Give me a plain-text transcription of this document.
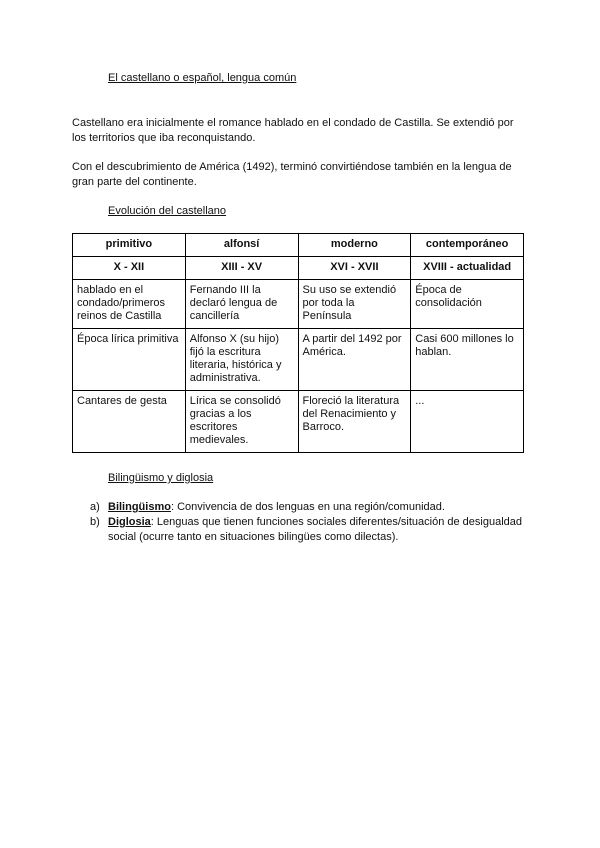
El castellano o español, lengua común
Castellano era inicialmente el romance hablado en el condado de Castilla. Se extendió por los territorios que iba reconquistando.
Con el descubrimiento de América (1492), terminó convirtiéndose también en la lengua de gran parte del continente.
Evolución del castellano
primitivo	alfonsí	moderno	contemporáneo
X - XII	XIII - XV	XVI - XVII	XVIII - actualidad
hablado en el condado/primeros reinos de Castilla	Fernando III la declaró lengua de cancillería	Su uso se extendió por toda la Península	Época de consolidación
Época lírica primitiva	Alfonso X (su hijo) fijó la escritura literaria, histórica y administrativa.	A partir del 1492 por América.	Casi 600 millones lo hablan.
Cantares de gesta	Lírica se consolidó gracias a los escritores medievales.	Floreció la literatura del Renacimiento y Barroco.	...
Bilingüismo y diglosia
a) Bilingüismo: Convivencia de dos lenguas en una región/comunidad.
b) Diglosia: Lenguas que tienen funciones sociales diferentes/situación de desigualdad social (ocurre tanto en situaciones bilingües como dilectas).
